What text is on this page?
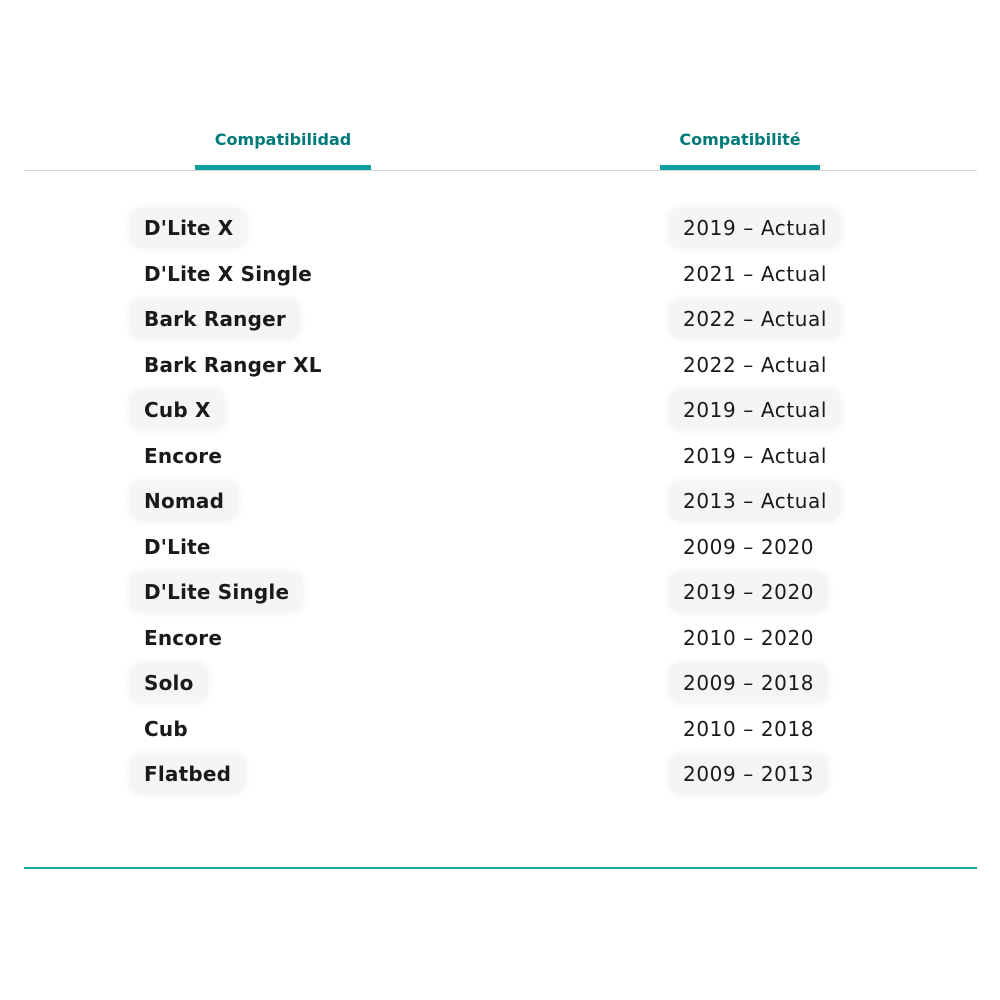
Compatibilidad	Compatibilité
D'Lite X	2019 – Actual
D'Lite X Single	2021 – Actual
Bark Ranger	2022 – Actual
Bark Ranger XL	2022 – Actual
Cub X	2019 – Actual
Encore	2019 – Actual
Nomad	2013 – Actual
D'Lite	2009 – 2020
D'Lite Single	2019 – 2020
Encore	2010 – 2020
Solo	2009 – 2018
Cub	2010 – 2018
Flatbed	2009 – 2013
